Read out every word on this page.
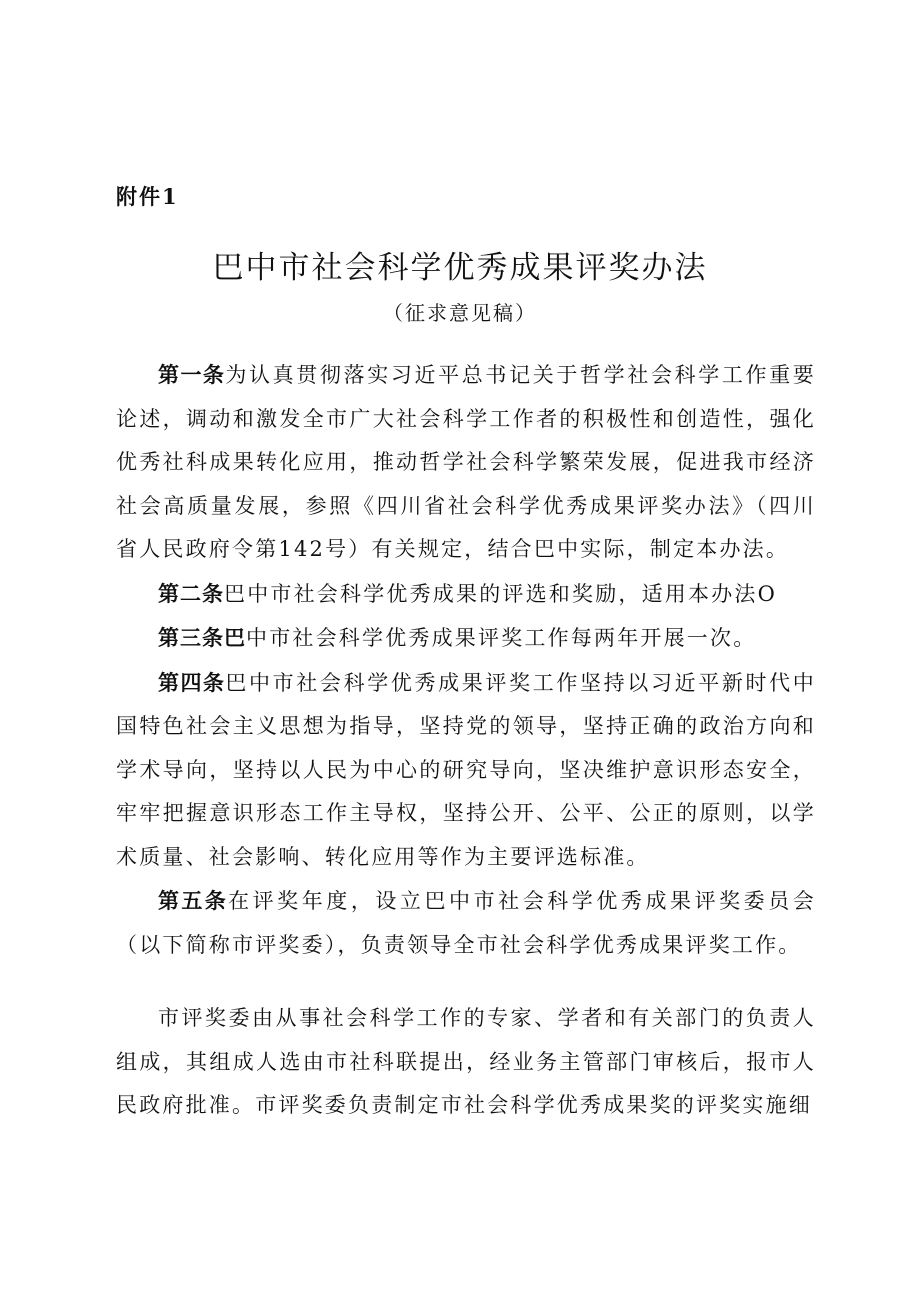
附件1
巴中市社会科学优秀成果评奖办法
（征求意见稿）

第一条为认真贯彻落实习近平总书记关于哲学社会科学工作重要论述，调动和激发全市广大社会科学工作者的积极性和创造性，强化优秀社科成果转化应用，推动哲学社会科学繁荣发展，促进我市经济社会高质量发展，参照《四川省社会科学优秀成果评奖办法》（四川省人民政府令第142号）有关规定，结合巴中实际，制定本办法。

第二条巴中市社会科学优秀成果的评选和奖励，适用本办法O

第三条巴中市社会科学优秀成果评奖工作每两年开展一次。

第四条巴中市社会科学优秀成果评奖工作坚持以习近平新时代中国特色社会主义思想为指导，坚持党的领导，坚持正确的政治方向和学术导向，坚持以人民为中心的研究导向，坚决维护意识形态安全，牢牢把握意识形态工作主导权，坚持公开、公平、公正的原则，以学术质量、社会影响、转化应用等作为主要评选标准。

第五条在评奖年度，设立巴中市社会科学优秀成果评奖委员会（以下简称市评奖委），负责领导全市社会科学优秀成果评奖工作。

市评奖委由从事社会科学工作的专家、学者和有关部门的负责人组成，其组成人选由市社科联提出，经业务主管部门审核后，报市人民政府批准。市评奖委负责制定市社会科学优秀成果奖的评奖实施细
